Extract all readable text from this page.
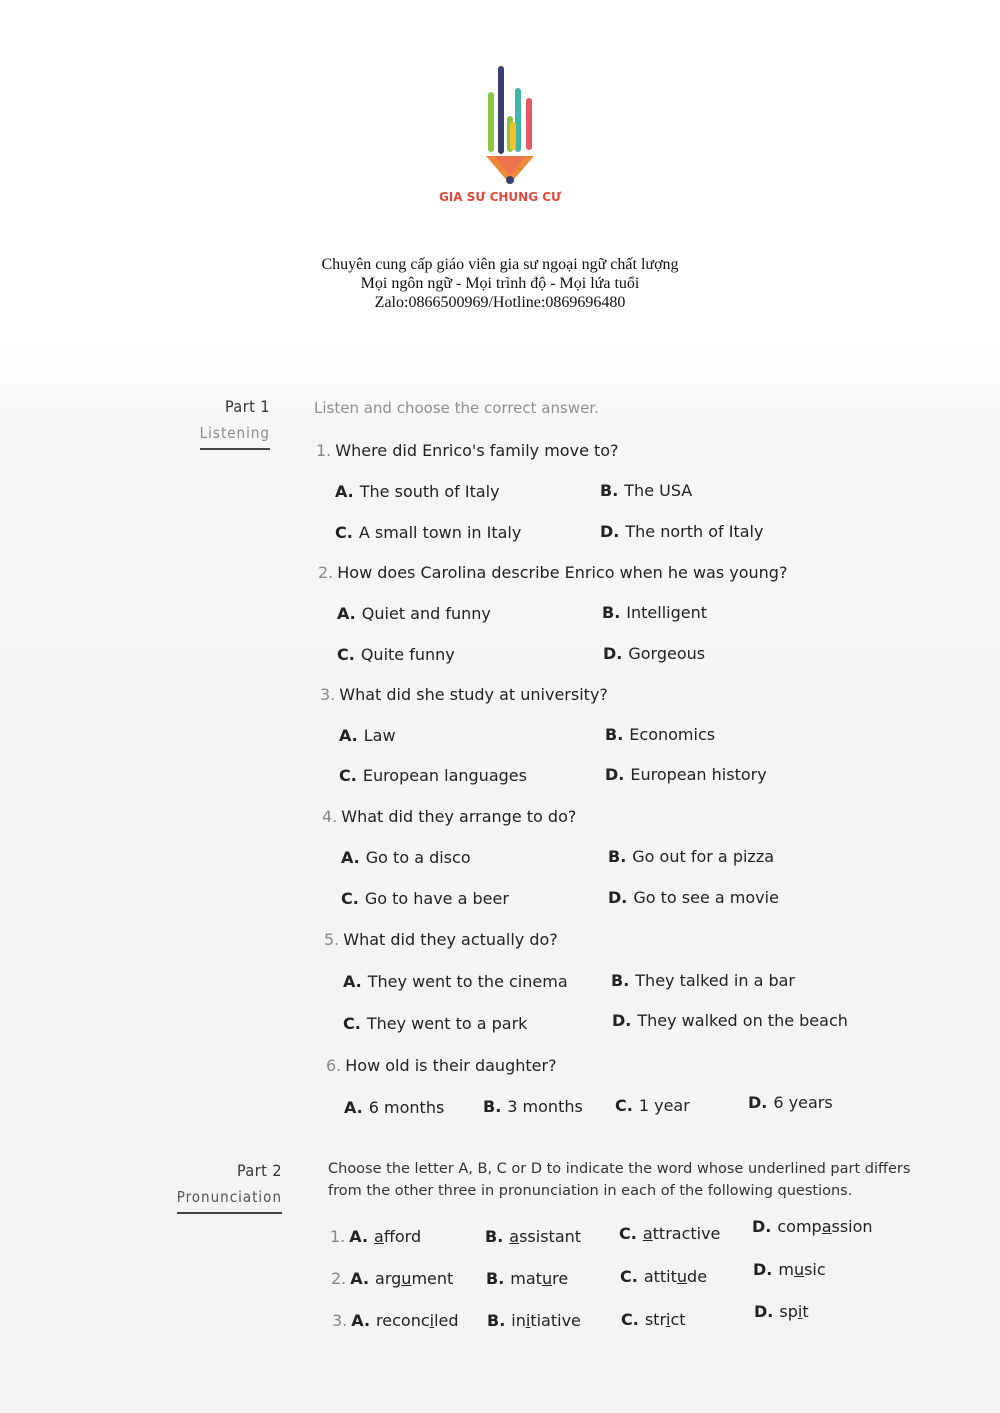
GIA SƯ CHUNG CƯ
Chuyên cung cấp giáo viên gia sư ngoại ngữ chất lượng
Mọi ngôn ngữ - Mọi trình độ - Mọi lứa tuổi
Zalo:0866500969/Hotline:0869696480
Part 1
Listening
Listen and choose the correct answer.
1. Where did Enrico's family move to?
A. The south of Italy	B. The USA
C. A small town in Italy	D. The north of Italy
2. How does Carolina describe Enrico when he was young?
A. Quiet and funny	B. Intelligent
C. Quite funny	D. Gorgeous
3. What did she study at university?
A. Law	B. Economics
C. European languages	D. European history
4. What did they arrange to do?
A. Go to a disco	B. Go out for a pizza
C. Go to have a beer	D. Go to see a movie
5. What did they actually do?
A. They went to the cinema	B. They talked in a bar
C. They went to a park	D. They walked on the beach
6. How old is their daughter?
A. 6 months B. 3 months C. 1 year	D. 6 years
Part 2
Pronunciation
Choose the letter A, B, C or D to indicate the word whose underlined part differs
from the other three in pronunciation in each of the following questions.
1. A. afford	B. assistant C. attractive D. compassion
2. A. argument B. mature	C. attitude	D. music
3. A. reconciled B. initiative	C. strict	D. spit
